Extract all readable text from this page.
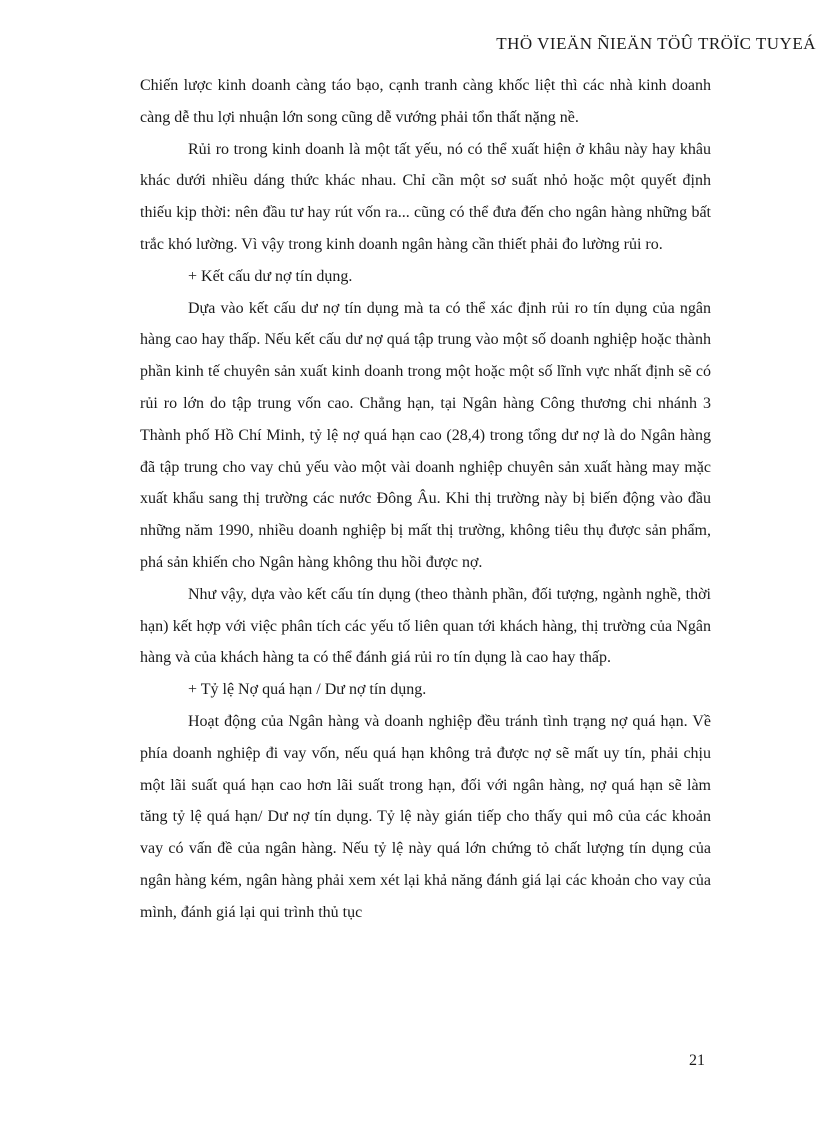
THÖ VIEÄN ÑIEÄN TÖÛ TRÖÏC TUYEÁ

Chiến lược kinh doanh càng táo bạo, cạnh tranh càng khốc liệt thì các nhà kinh doanh càng dễ thu lợi nhuận lớn song cũng dễ vướng phải tổn thất nặng nề.

Rủi ro trong kinh doanh là một tất yếu, nó có thể xuất hiện ở khâu này hay khâu khác dưới nhiều dáng thức khác nhau. Chỉ cần một sơ suất nhỏ hoặc một quyết định thiếu kịp thời: nên đầu tư hay rút vốn ra... cũng có thể đưa đến cho ngân hàng những bất trắc khó lường. Vì vậy trong kinh doanh ngân hàng cần thiết phải đo lường rủi ro.

+ Kết cấu dư nợ tín dụng.

Dựa vào kết cấu dư nợ tín dụng mà ta có thể xác định rủi ro tín dụng của ngân hàng cao hay thấp. Nếu kết cấu dư nợ quá tập trung vào một số doanh nghiệp hoặc thành phần kinh tế chuyên sản xuất kinh doanh trong một hoặc một số lĩnh vực nhất định sẽ có rủi ro lớn do tập trung vốn cao. Chẳng hạn, tại Ngân hàng Công thương chi nhánh 3 Thành phố Hồ Chí Minh, tỷ lệ nợ quá hạn cao (28,4) trong tổng dư nợ là do Ngân hàng đã tập trung cho vay chủ yếu vào một vài doanh nghiệp chuyên sản xuất hàng may mặc xuất khẩu sang thị trường các nước Đông Âu. Khi thị trường này bị biến động vào đầu những năm 1990, nhiều doanh nghiệp bị mất thị trường, không tiêu thụ được sản phẩm, phá sản khiến cho Ngân hàng không thu hồi được nợ.

Như vậy, dựa vào kết cấu tín dụng (theo thành phần, đối tượng, ngành nghề, thời hạn) kết hợp với việc phân tích các yếu tố liên quan tới khách hàng, thị trường của Ngân hàng và của khách hàng ta có thể đánh giá rủi ro tín dụng là cao hay thấp.

+ Tỷ lệ Nợ quá hạn / Dư nợ tín dụng.

Hoạt động của Ngân hàng và doanh nghiệp đều tránh tình trạng nợ quá hạn. Về phía doanh nghiệp đi vay vốn, nếu quá hạn không trả được nợ sẽ mất uy tín, phải chịu một lãi suất quá hạn cao hơn lãi suất trong hạn, đối với ngân hàng, nợ quá hạn sẽ làm tăng tỷ lệ quá hạn/ Dư nợ tín dụng. Tỷ lệ này gián tiếp cho thấy qui mô của các khoản vay có vấn đề của ngân hàng. Nếu tỷ lệ này quá lớn chứng tỏ chất lượng tín dụng của ngân hàng kém, ngân hàng phải xem xét lại khả năng đánh giá lại các khoản cho vay của mình, đánh giá lại qui trình thủ tục

21
